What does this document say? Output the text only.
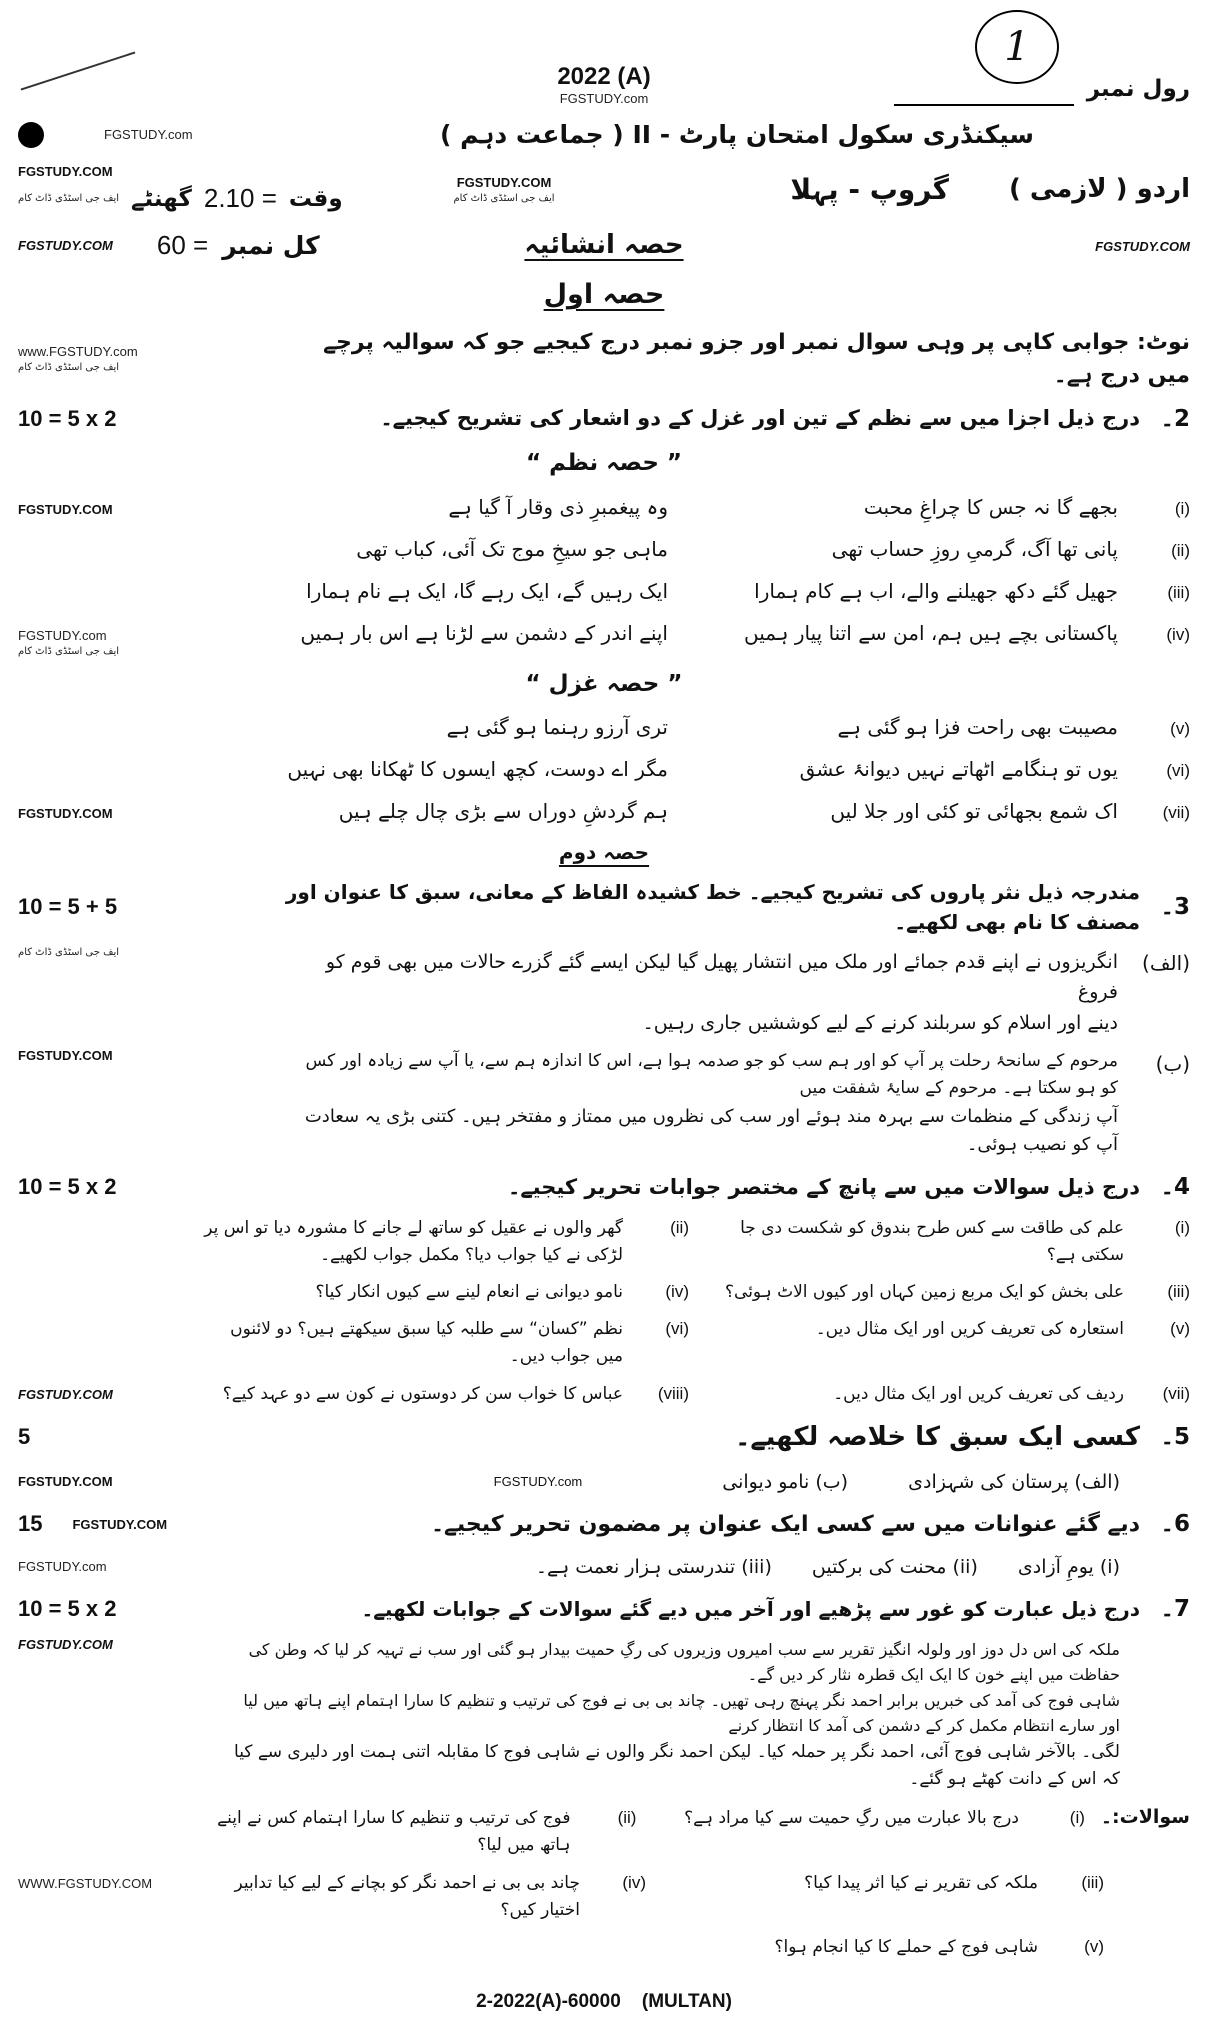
1
رول نمبر
2022 (A)
FGSTUDY.com
سیکنڈری سکول امتحان پارٹ - II ( جماعت دہم )
FGSTUDY.com
اردو ( لازمی )
گروپ - پہلا
FGSTUDY.COM
ایف جی اسٹڈی ڈاٹ کام
FGSTUDY.COM
وقت
= 2.10
گھنٹے
ایف جی اسٹڈی ڈاٹ کام
FGSTUDY.COM
حصہ انشائیہ
کل نمبر
= 60
FGSTUDY.COM
حصہ اول
نوٹ: جوابی کاپی پر وہی سوال نمبر اور جزو نمبر درج کیجیے جو کہ سوالیہ پرچے میں درج ہے۔
www.FGSTUDY.com
ایف جی اسٹڈی ڈاٹ کام
2۔
درج ذیل اجزا میں سے نظم کے تین اور غزل کے دو اشعار کی تشریح کیجیے۔
10 = 5 x 2
” حصہ نظم “
(i)
بجھے گا نہ جس کا چراغِ محبت
وہ پیغمبرِ ذی وقار آ گیا ہے
FGSTUDY.COM
(ii)
پانی تھا آگ، گرمیِ روزِ حساب تھی
ماہی جو سیخِ موج تک آئی، کباب تھی
(iii)
جھیل گئے دکھ جھیلنے والے، اب ہے کام ہمارا
ایک رہیں گے، ایک رہے گا، ایک ہے نام ہمارا
(iv)
پاکستانی بچے ہیں ہم، امن سے اتنا پیار ہمیں
اپنے اندر کے دشمن سے لڑنا ہے اس بار ہمیں
FGSTUDY.com
ایف جی اسٹڈی ڈاٹ کام
” حصہ غزل “
(v)
مصیبت بھی راحت فزا ہو گئی ہے
تری آرزو رہنما ہو گئی ہے
(vi)
یوں تو ہنگامے اٹھاتے نہیں دیوانۂ عشق
مگر اے دوست، کچھ ایسوں کا ٹھکانا بھی نہیں
(vii)
اک شمع بجھائی تو کئی اور جلا لیں
ہم گردشِ دوراں سے بڑی چال چلے ہیں
FGSTUDY.COM
حصہ دوم
3۔
مندرجہ ذیل نثر پاروں کی تشریح کیجیے۔ خط کشیدہ الفاظ کے معانی، سبق کا عنوان اور مصنف کا نام بھی لکھیے۔
10 = 5 + 5
(الف)
انگریزوں نے اپنے قدم جمائے اور ملک میں انتشار پھیل گیا لیکن ایسے گئے گزرے حالات میں بھی قوم کو فروغ
دینے اور اسلام کو سربلند کرنے کے لیے کوششیں جاری رہیں۔
ایف جی اسٹڈی ڈاٹ کام
(ب)
مرحوم کے سانحۂ رحلت پر آپ کو اور ہم سب کو جو صدمہ ہوا ہے، اس کا اندازہ ہم سے، یا آپ سے زیادہ اور کس کو ہو سکتا ہے۔ مرحوم کے سایۂ شفقت میں
آپ زندگی کے منظمات سے بہرہ مند ہوئے اور سب کی نظروں میں ممتاز و مفتخر ہیں۔ کتنی بڑی یہ سعادت آپ کو نصیب ہوئی۔
FGSTUDY.COM
4۔
درج ذیل سوالات میں سے پانچ کے مختصر جوابات تحریر کیجیے۔
10 = 5 x 2
(i)
علم کی طاقت سے کس طرح بندوق کو شکست دی جا سکتی ہے؟
(ii)
گھر والوں نے عقیل کو ساتھ لے جانے کا مشورہ دیا تو اس پر لڑکی نے کیا جواب دیا؟ مکمل جواب لکھیے۔
(iii)
علی بخش کو ایک مربع زمین کہاں اور کیوں الاٹ ہوئی؟
(iv)
نامو دیوانی نے انعام لینے سے کیوں انکار کیا؟
(v)
استعارہ کی تعریف کریں اور ایک مثال دیں۔
(vi)
نظم ”کسان“ سے طلبہ کیا سبق سیکھتے ہیں؟ دو لائنوں میں جواب دیں۔
(vii)
ردیف کی تعریف کریں اور ایک مثال دیں۔
(viii)
عباس کا خواب سن کر دوستوں نے کون سے دو عہد کیے؟
FGSTUDY.COM
5۔
کسی ایک سبق کا خلاصہ لکھیے۔
5
(الف) پرستان کی شہزادی
(ب) نامو دیوانی
FGSTUDY.com
FGSTUDY.COM
6۔
دیے گئے عنوانات میں سے کسی ایک عنوان پر مضمون تحریر کیجیے۔
15 FGSTUDY.COM
(i) یومِ آزادی
(ii) محنت کی برکتیں
(iii) تندرستی ہزار نعمت ہے۔
FGSTUDY.com
7۔
درج ذیل عبارت کو غور سے پڑھیے اور آخر میں دیے گئے سوالات کے جوابات لکھیے۔
10 = 5 x 2
ملکہ کی اس دل دوز اور ولولہ انگیز تقریر سے سب امیروں وزیروں کی رگِ حمیت بیدار ہو گئی اور سب نے تہیہ کر لیا کہ وطن کی حفاظت میں اپنے خون کا ایک ایک قطرہ نثار کر دیں گے۔
شاہی فوج کی آمد کی خبریں برابر احمد نگر پہنچ رہی تھیں۔ چاند بی بی نے فوج کی ترتیب و تنظیم کا سارا اہتمام اپنے ہاتھ میں لیا اور سارے انتظام مکمل کر کے دشمن کی آمد کا انتظار کرنے
لگی۔ بالآخر شاہی فوج آئی، احمد نگر پر حملہ کیا۔ لیکن احمد نگر والوں نے شاہی فوج کا مقابلہ اتنی ہمت اور دلیری سے کیا کہ اس کے دانت کھٹے ہو گئے۔
FGSTUDY.COM
سوالات:۔
(i)
درج بالا عبارت میں رگِ حمیت سے کیا مراد ہے؟
(ii)
فوج کی ترتیب و تنظیم کا سارا اہتمام کس نے اپنے ہاتھ میں لیا؟
(iii)
ملکہ کی تقریر نے کیا اثر پیدا کیا؟
(iv)
چاند بی بی نے احمد نگر کو بچانے کے لیے کیا تدابیر اختیار کیں؟
WWW.FGSTUDY.COM
(v)
شاہی فوج کے حملے کا کیا انجام ہوا؟
2-2022(A)-60000    (MULTAN)
